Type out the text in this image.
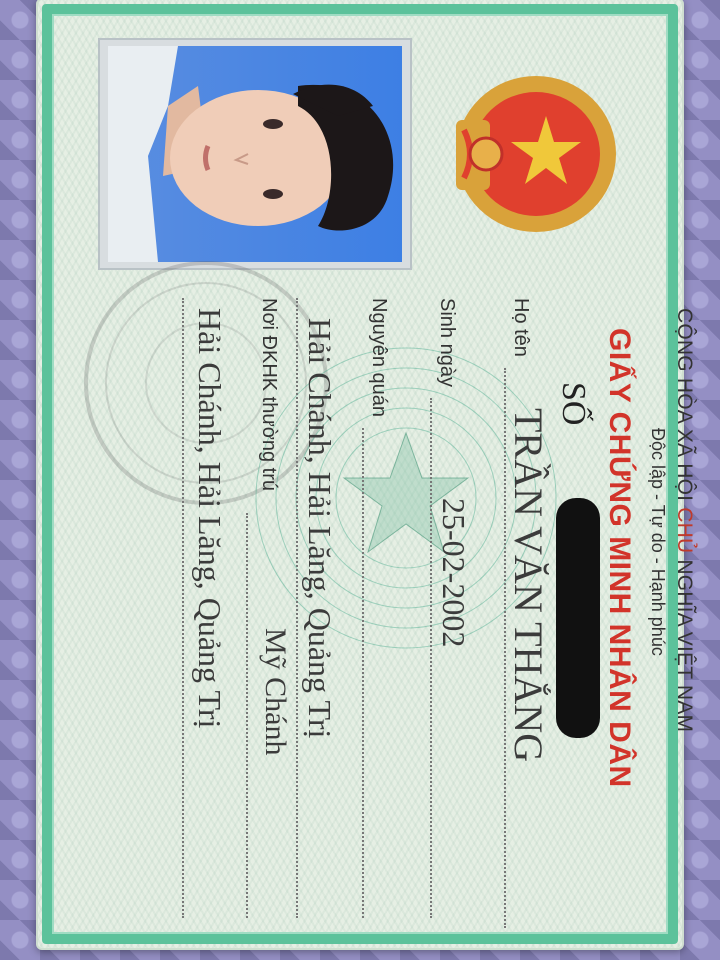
CỘNG HÒA XÃ HỘI CHỦ NGHĨA VIỆT NAM
Độc lập - Tự do - Hạnh phúc
GIẤY CHỨNG MINH NHÂN DÂN
SỐ
Họ tên
TRẦN VĂN THẮNG
Sinh ngày
25-02-2002
Nguyên quán
Hải Chánh, Hải Lăng, Quảng Trị
Nơi ĐKHK thường trú
Mỹ Chánh
Hải Chánh, Hải Lăng, Quảng Trị
